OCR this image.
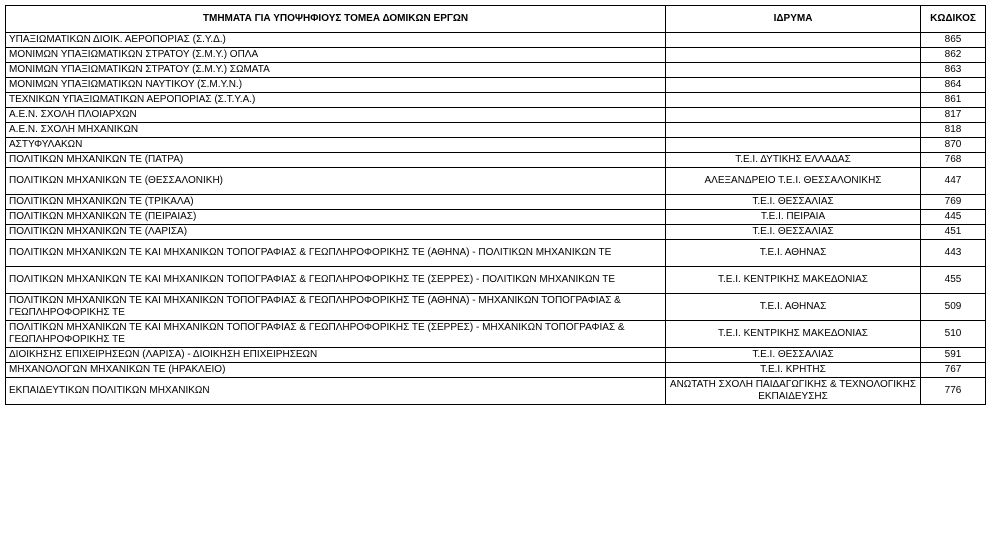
ΤΜΗΜΑΤΑ ΓΙΑ ΥΠΟΨΗΦΙΟΥΣ ΤΟΜΕΑ ΔΟΜΙΚΩΝ ΕΡΓΩΝ	ΙΔΡΥΜΑ	ΚΩΔΙΚΟΣ
ΥΠΑΞΙΩΜΑΤΙΚΩΝ ΔΙΟΙΚ. ΑΕΡΟΠΟΡΙΑΣ (Σ.Υ.Δ.)		865
ΜΟΝΙΜΩΝ ΥΠΑΞΙΩΜΑΤΙΚΩΝ ΣΤΡΑΤΟΥ (Σ.Μ.Υ.) ΟΠΛΑ		862
ΜΟΝΙΜΩΝ ΥΠΑΞΙΩΜΑΤΙΚΩΝ ΣΤΡΑΤΟΥ (Σ.Μ.Υ.) ΣΩΜΑΤΑ		863
ΜΟΝΙΜΩΝ ΥΠΑΞΙΩΜΑΤΙΚΩΝ ΝΑΥΤΙΚΟΥ (Σ.Μ.Υ.Ν.)		864
ΤΕΧΝΙΚΩΝ ΥΠΑΞΙΩΜΑΤΙΚΩΝ ΑΕΡΟΠΟΡΙΑΣ (Σ.Τ.Υ.Α.)		861
Α.Ε.Ν. ΣΧΟΛΗ ΠΛΟΙΑΡΧΩΝ		817
Α.Ε.Ν. ΣΧΟΛΗ ΜΗΧΑΝΙΚΩΝ		818
ΑΣΤΥΦΥΛΑΚΩΝ		870
ΠΟΛΙΤΙΚΩΝ ΜΗΧΑΝΙΚΩΝ ΤΕ (ΠΑΤΡΑ)	Τ.Ε.Ι. ΔΥΤΙΚΗΣ ΕΛΛΑΔΑΣ	768
ΠΟΛΙΤΙΚΩΝ ΜΗΧΑΝΙΚΩΝ ΤΕ (ΘΕΣΣΑΛΟΝΙΚΗ)	ΑΛΕΞΑΝΔΡΕΙΟ Τ.Ε.Ι. ΘΕΣΣΑΛΟΝΙΚΗΣ	447
ΠΟΛΙΤΙΚΩΝ ΜΗΧΑΝΙΚΩΝ ΤΕ (ΤΡΙΚΑΛΑ)	Τ.Ε.Ι. ΘΕΣΣΑΛΙΑΣ	769
ΠΟΛΙΤΙΚΩΝ ΜΗΧΑΝΙΚΩΝ ΤΕ (ΠΕΙΡΑΙΑΣ)	Τ.Ε.Ι. ΠΕΙΡΑΙΑ	445
ΠΟΛΙΤΙΚΩΝ ΜΗΧΑΝΙΚΩΝ ΤΕ (ΛΑΡΙΣΑ)	Τ.Ε.Ι. ΘΕΣΣΑΛΙΑΣ	451
ΠΟΛΙΤΙΚΩΝ ΜΗΧΑΝΙΚΩΝ ΤΕ ΚΑΙ ΜΗΧΑΝΙΚΩΝ ΤΟΠΟΓΡΑΦΙΑΣ & ΓΕΩΠΛΗΡΟΦΟΡΙΚΗΣ ΤΕ (ΑΘΗΝΑ) - ΠΟΛΙΤΙΚΩΝ ΜΗΧΑΝΙΚΩΝ ΤΕ	Τ.Ε.Ι. ΑΘΗΝΑΣ	443
ΠΟΛΙΤΙΚΩΝ ΜΗΧΑΝΙΚΩΝ ΤΕ ΚΑΙ ΜΗΧΑΝΙΚΩΝ ΤΟΠΟΓΡΑΦΙΑΣ & ΓΕΩΠΛΗΡΟΦΟΡΙΚΗΣ ΤΕ (ΣΕΡΡΕΣ) - ΠΟΛΙΤΙΚΩΝ ΜΗΧΑΝΙΚΩΝ ΤΕ	Τ.Ε.Ι. ΚΕΝΤΡΙΚΗΣ ΜΑΚΕΔΟΝΙΑΣ	455
ΠΟΛΙΤΙΚΩΝ ΜΗΧΑΝΙΚΩΝ ΤΕ ΚΑΙ ΜΗΧΑΝΙΚΩΝ ΤΟΠΟΓΡΑΦΙΑΣ & ΓΕΩΠΛΗΡΟΦΟΡΙΚΗΣ ΤΕ (ΑΘΗΝΑ) - ΜΗΧΑΝΙΚΩΝ ΤΟΠΟΓΡΑΦΙΑΣ & ΓΕΩΠΛΗΡΟΦΟΡΙΚΗΣ ΤΕ	Τ.Ε.Ι. ΑΘΗΝΑΣ	509
ΠΟΛΙΤΙΚΩΝ ΜΗΧΑΝΙΚΩΝ ΤΕ ΚΑΙ ΜΗΧΑΝΙΚΩΝ ΤΟΠΟΓΡΑΦΙΑΣ & ΓΕΩΠΛΗΡΟΦΟΡΙΚΗΣ ΤΕ (ΣΕΡΡΕΣ) - ΜΗΧΑΝΙΚΩΝ ΤΟΠΟΓΡΑΦΙΑΣ & ΓΕΩΠΛΗΡΟΦΟΡΙΚΗΣ ΤΕ	Τ.Ε.Ι. ΚΕΝΤΡΙΚΗΣ ΜΑΚΕΔΟΝΙΑΣ	510
ΔΙΟΙΚΗΣΗΣ ΕΠΙΧΕΙΡΗΣΕΩΝ (ΛΑΡΙΣΑ) - ΔΙΟΙΚΗΣΗ ΕΠΙΧΕΙΡΗΣΕΩΝ	Τ.Ε.Ι. ΘΕΣΣΑΛΙΑΣ	591
ΜΗΧΑΝΟΛΟΓΩΝ ΜΗΧΑΝΙΚΩΝ ΤΕ (ΗΡΑΚΛΕΙΟ)	Τ.Ε.Ι. ΚΡΗΤΗΣ	767
ΕΚΠΑΙΔΕΥΤΙΚΩΝ ΠΟΛΙΤΙΚΩΝ ΜΗΧΑΝΙΚΩΝ	ΑΝΩΤΑΤΗ ΣΧΟΛΗ ΠΑΙΔΑΓΩΓΙΚΗΣ & ΤΕΧΝΟΛΟΓΙΚΗΣ ΕΚΠΑΙΔΕΥΣΗΣ	776
